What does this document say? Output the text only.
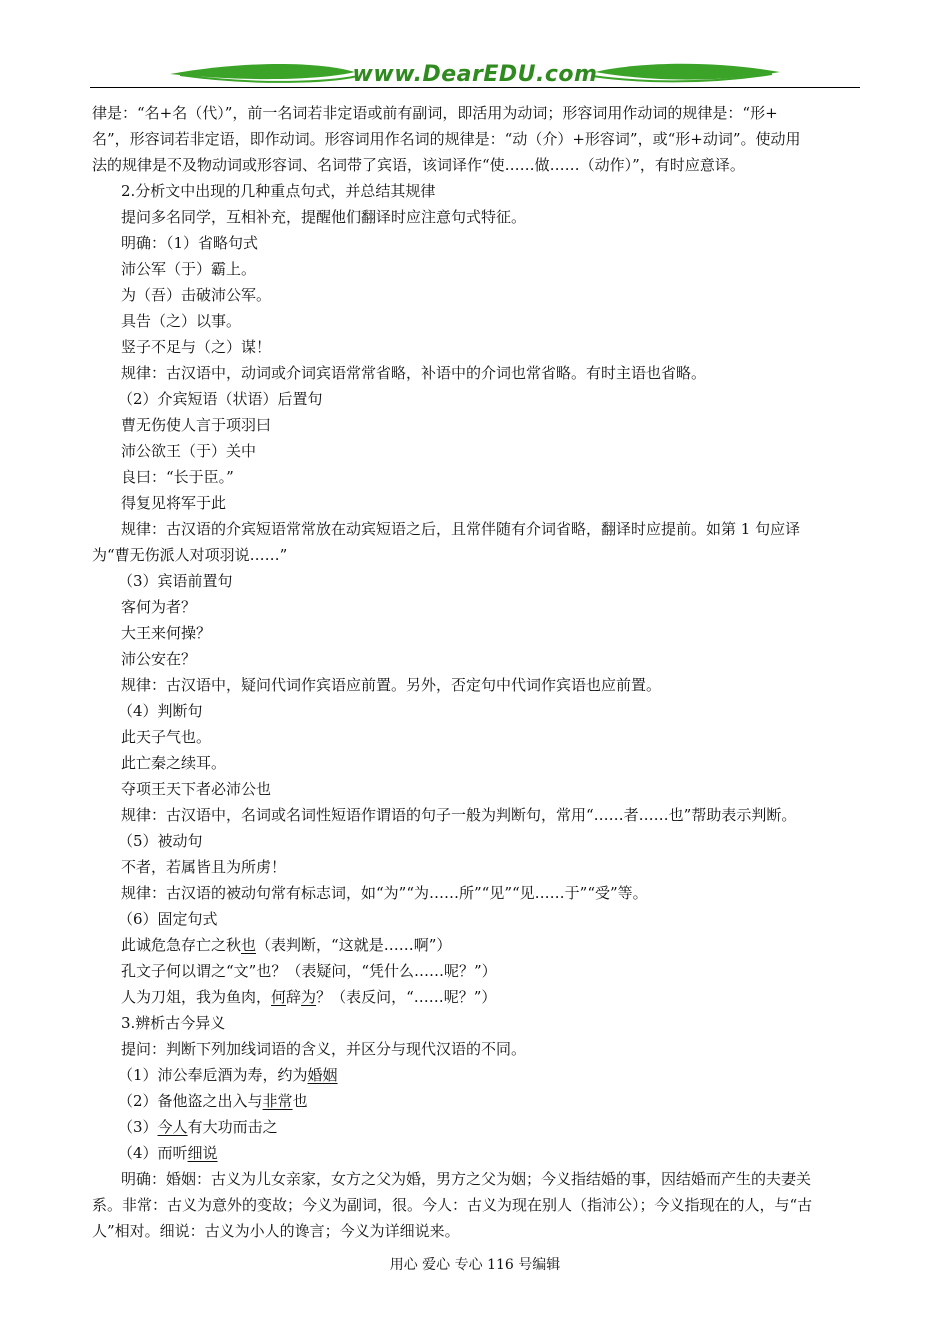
www.DearEDU.com
律是：“名+名（代）”，前一名词若非定语或前有副词，即活用为动词；形容词用作动词的规律是：“形+
名”，形容词若非定语，即作动词。形容词用作名词的规律是：“动（介）+形容词”，或“形+动词”。使动用
法的规律是不及物动词或形容词、名词带了宾语，该词译作“使……做……（动作）”，有时应意译。
2.分析文中出现的几种重点句式，并总结其规律
提问多名同学，互相补充，提醒他们翻译时应注意句式特征。
明确：（1）省略句式
沛公军（于）霸上。
为（吾）击破沛公军。
具告（之）以事。
竖子不足与（之）谋！
规律：古汉语中，动词或介词宾语常常省略，补语中的介词也常省略。有时主语也省略。
（2）介宾短语（状语）后置句
曹无伤使人言于项羽曰
沛公欲王（于）关中
良曰：“长于臣。”
得复见将军于此
规律：古汉语的介宾短语常常放在动宾短语之后，且常伴随有介词省略，翻译时应提前。如第 1 句应译
为“曹无伤派人对项羽说……”
（3）宾语前置句
客何为者？
大王来何操？
沛公安在？
规律：古汉语中，疑问代词作宾语应前置。另外，否定句中代词作宾语也应前置。
（4）判断句
此天子气也。
此亡秦之续耳。
夺项王天下者必沛公也
规律：古汉语中，名词或名词性短语作谓语的句子一般为判断句，常用“……者……也”帮助表示判断。
（5）被动句
不者，若属皆且为所虏！
规律：古汉语的被动句常有标志词，如“为”“为……所”“见”“见……于”“受”等。
（6）固定句式
此诚危急存亡之秋也（表判断，“这就是……啊”）
孔文子何以谓之“文”也？（表疑问，“凭什么……呢？”）
人为刀俎，我为鱼肉，何辞为？（表反问，“……呢？”）
3.辨析古今异义
提问：判断下列加线词语的含义，并区分与现代汉语的不同。
（1）沛公奉卮酒为寿，约为婚姻
（2）备他盗之出入与非常也
（3）今人有大功而击之
（4）而听细说
明确：婚姻：古义为儿女亲家，女方之父为婚，男方之父为姻；今义指结婚的事，因结婚而产生的夫妻关
系。非常：古义为意外的变故；今义为副词，很。今人：古义为现在别人（指沛公）；今义指现在的人，与“古
人”相对。细说：古义为小人的谗言；今义为详细说来。
用心 爱心 专心 116 号编辑
